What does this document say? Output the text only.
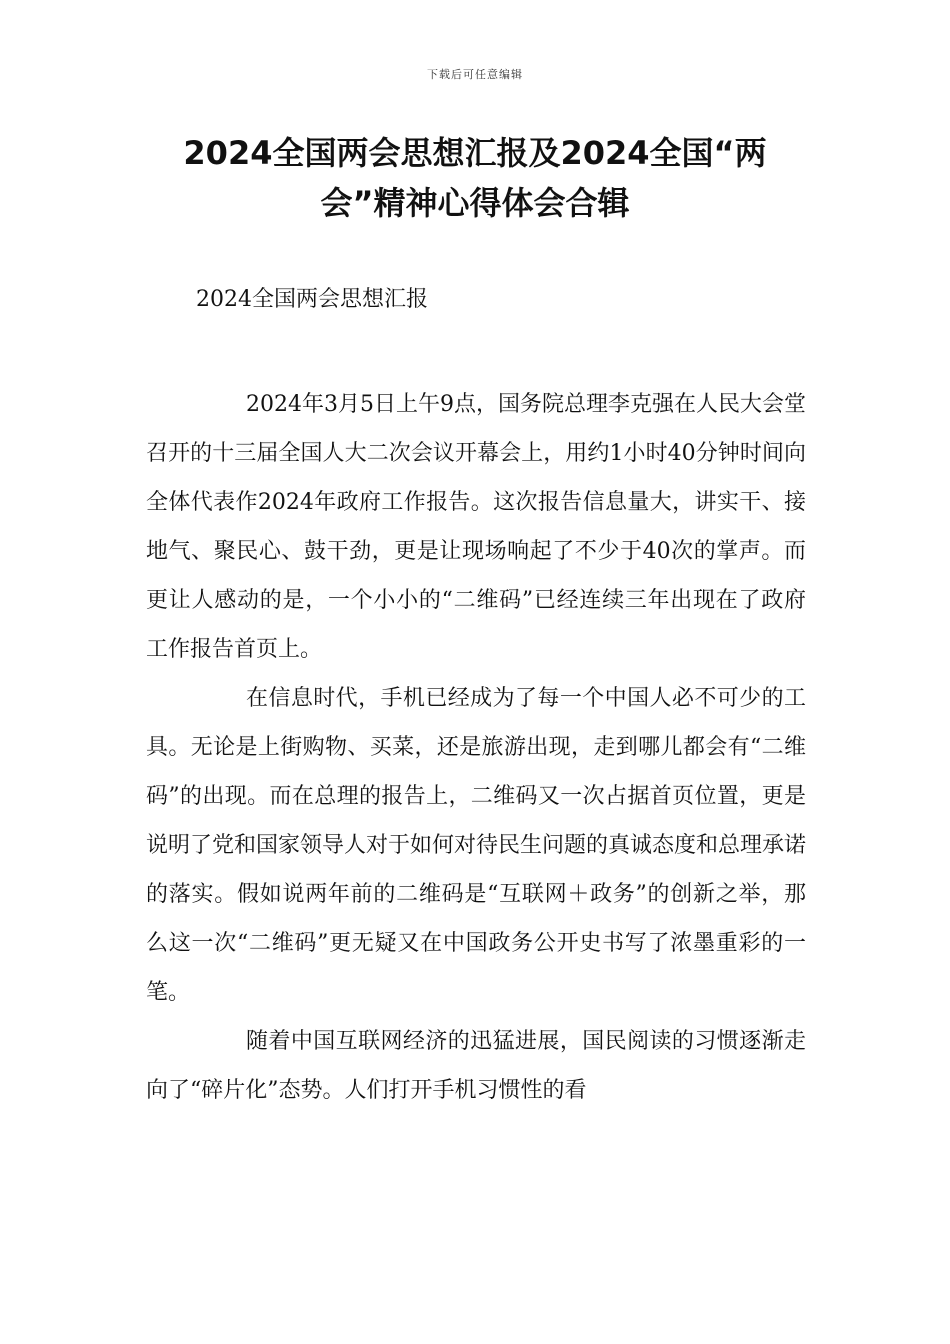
下载后可任意编辑
2024全国两会思想汇报及2024全国“两
会”精神心得体会合辑
2024全国两会思想汇报

2024年3月5日上午9点，国务院总理李克强在人民大会堂召开的十三届全国人大二次会议开幕会上，用约1小时40分钟时间向全体代表作2024年政府工作报告。这次报告信息量大，讲实干、接地气、聚民心、鼓干劲，更是让现场响起了不少于40次的掌声。而更让人感动的是，一个小小的“二维码”已经连续三年出现在了政府工作报告首页上。

在信息时代，手机已经成为了每一个中国人必不可少的工具。无论是上街购物、买菜，还是旅游出现，走到哪儿都会有“二维码”的出现。而在总理的报告上，二维码又一次占据首页位置，更是说明了党和国家领导人对于如何对待民生问题的真诚态度和总理承诺的落实。假如说两年前的二维码是“互联网＋政务”的创新之举，那么这一次“二维码”更无疑又在中国政务公开史书写了浓墨重彩的一笔。

随着中国互联网经济的迅猛进展，国民阅读的习惯逐渐走向了“碎片化”态势。人们打开手机习惯性的看
